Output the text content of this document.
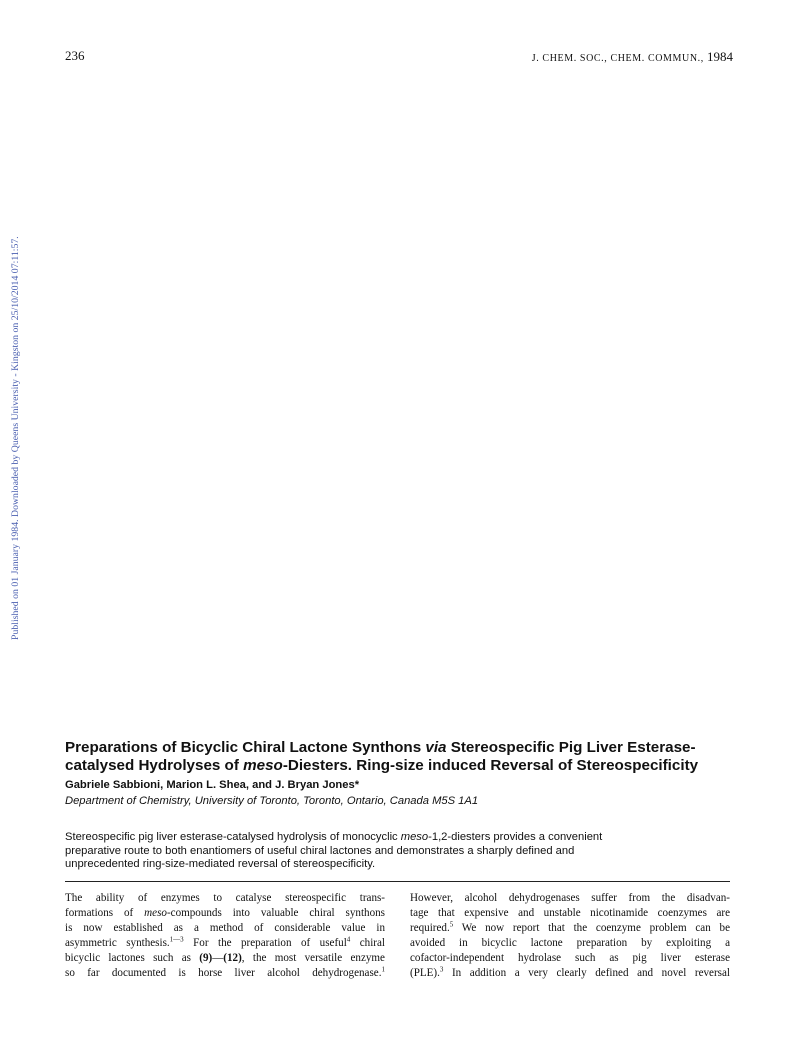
236	J. CHEM. SOC., CHEM. COMMUN., 1984
Published on 01 January 1984. Downloaded by Queens University - Kingston on 25/10/2014 07:11:57.
Preparations of Bicyclic Chiral Lactone Synthons via Stereospecific Pig Liver Esterase-
catalysed Hydrolyses of meso-Diesters. Ring-size induced Reversal of Stereospecificity
Gabriele Sabbioni, Marion L. Shea, and J. Bryan Jones*
Department of Chemistry, University of Toronto, Toronto, Ontario, Canada M5S 1A1
Stereospecific pig liver esterase-catalysed hydrolysis of monocyclic meso-1,2-diesters provides a convenient
preparative route to both enantiomers of useful chiral lactones and demonstrates a sharply defined and
unprecedented ring-size-mediated reversal of stereospecificity.
The ability of enzymes to catalyse stereospecific trans-
formations of meso-compounds into valuable chiral synthons
is now established as a method of considerable value in
asymmetric synthesis.$^{1—3}$ For the preparation of useful$^4$ chiral
bicyclic lactones such as (9)—(12), the most versatile enzyme
so far documented is horse liver alcohol dehydrogenase.$^1$
However, alcohol dehydrogenases suffer from the disadvan-
tage that expensive and unstable nicotinamide coenzymes are
required.$^5$ We now report that the coenzyme problem can be
avoided in bicyclic lactone preparation by exploiting a
cofactor-independent hydrolase such as pig liver esterase
(PLE).$^3$ In addition a very clearly defined and novel reversal
